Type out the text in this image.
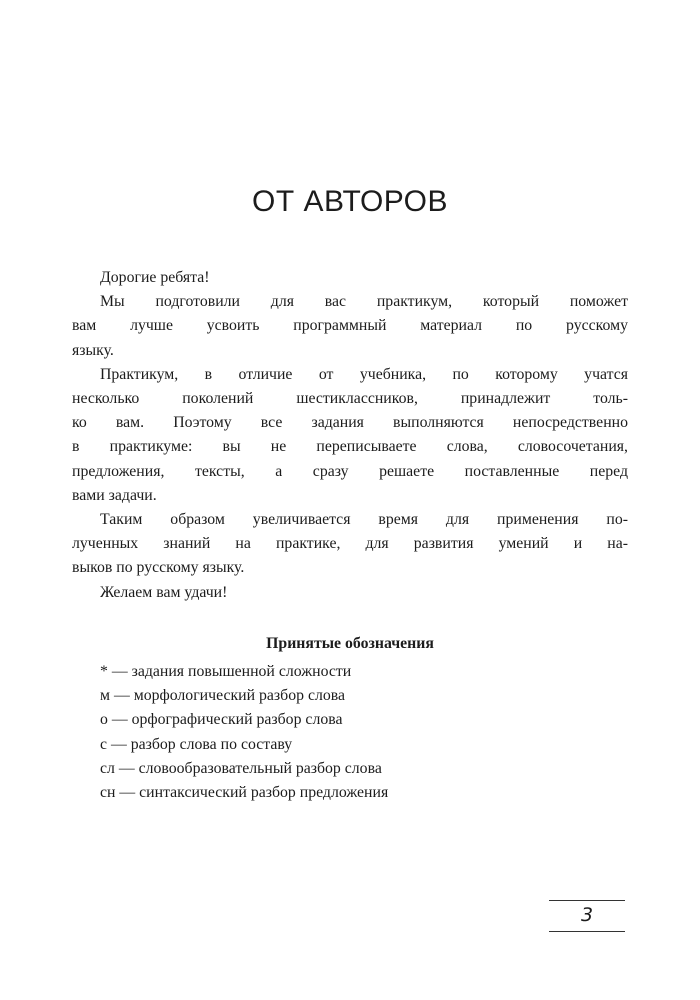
ОТ АВТОРОВ
Дорогие ребята!
Мы подготовили для вас практикум, который поможет
вам лучше усвоить программный материал по русскому
языку.
Практикум, в отличие от учебника, по которому учатся
несколько поколений шестиклассников, принадлежит толь-
ко вам. Поэтому все задания выполняются непосредственно
в практикуме: вы не переписываете слова, словосочетания,
предложения, тексты, а сразу решаете поставленные перед
вами задачи.
Таким образом увеличивается время для применения по-
лученных знаний на практике, для развития умений и на-
выков по русскому языку.
Желаем вам удачи!
Принятые обозначения
* — задания повышенной сложности
м — морфологический разбор слова
о — орфографический разбор слова
с — разбор слова по составу
сл — словообразовательный разбор слова
сн — синтаксический разбор предложения
3
